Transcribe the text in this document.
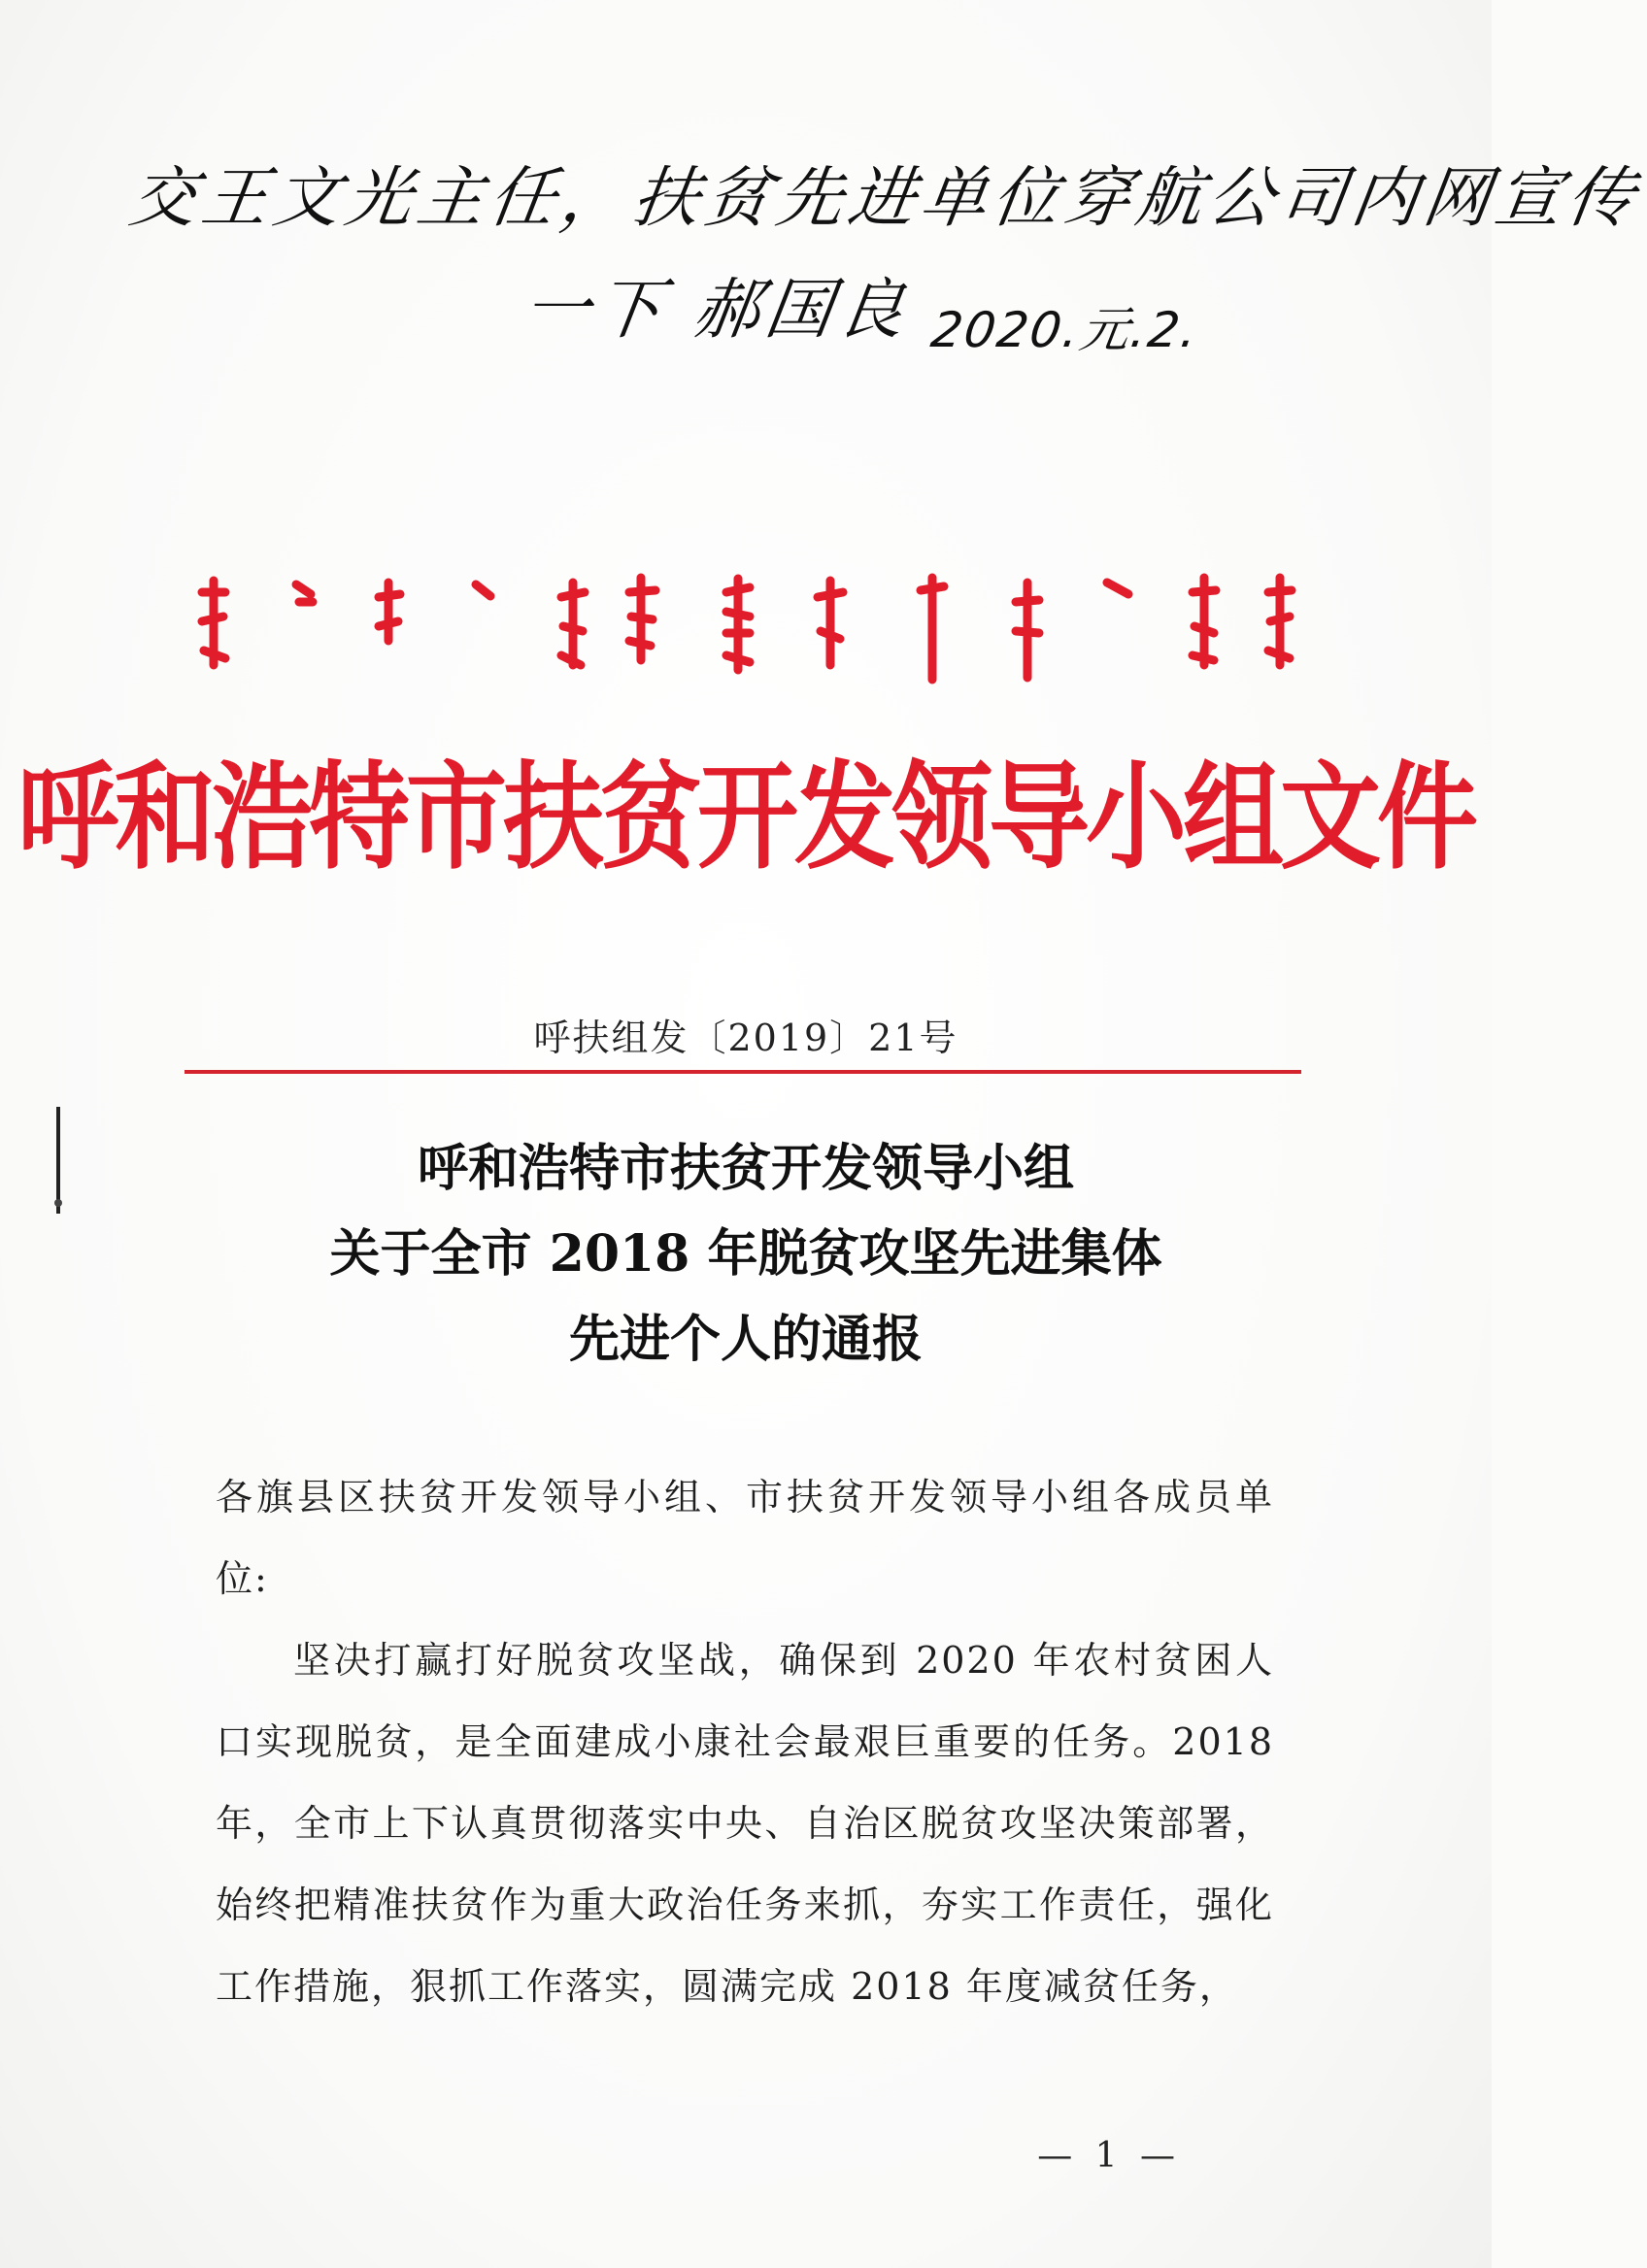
交王文光主任，扶贫先进单位穿航公司内网宣传
一下 郝国良 2020.元.2.
ᠬᠥᠬᠡᠬᠣᠲᠠ ᠶᠢᠨ ᠶᠠᠳᠠᠭᠤ ᠶᠢ ᠲᠤᠰᠠᠯᠠᠬᠤ ᠬᠥᠭᠵᠢᠯ
呼和浩特市扶贫开发领导小组文件
呼扶组发〔2019〕21号
呼和浩特市扶贫开发领导小组
关于全市 2018 年脱贫攻坚先进集体
先进个人的通报

各旗县区扶贫开发领导小组、市扶贫开发领导小组各成员单位:

坚决打赢打好脱贫攻坚战，确保到 2020 年农村贫困人口实现脱贫，是全面建成小康社会最艰巨重要的任务。2018 年，全市上下认真贯彻落实中央、自治区脱贫攻坚决策部署，始终把精准扶贫作为重大政治任务来抓，夯实工作责任，强化工作措施，狠抓工作落实，圆满完成 2018 年度减贫任务，

— 1 —
